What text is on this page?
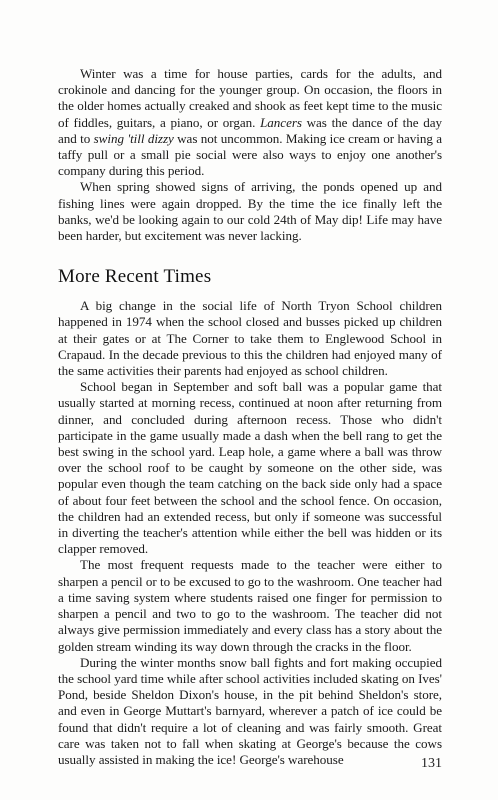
Winter was a time for house parties, cards for the adults, and crokinole and dancing for the younger group. On occasion, the floors in the older homes actually creaked and shook as feet kept time to the music of fiddles, guitars, a piano, or organ. Lancers was the dance of the day and to swing 'till dizzy was not uncommon. Making ice cream or having a taffy pull or a small pie social were also ways to enjoy one another's company during this period.

When spring showed signs of arriving, the ponds opened up and fishing lines were again dropped. By the time the ice finally left the banks, we'd be looking again to our cold 24th of May dip! Life may have been harder, but excitement was never lacking.

More Recent Times

A big change in the social life of North Tryon School children happened in 1974 when the school closed and busses picked up children at their gates or at The Corner to take them to Englewood School in Crapaud. In the decade previous to this the children had enjoyed many of the same activities their parents had enjoyed as school children.

School began in September and soft ball was a popular game that usually started at morning recess, continued at noon after returning from dinner, and concluded during afternoon recess. Those who didn't participate in the game usually made a dash when the bell rang to get the best swing in the school yard. Leap hole, a game where a ball was throw over the school roof to be caught by someone on the other side, was popular even though the team catching on the back side only had a space of about four feet between the school and the school fence. On occasion, the children had an extended recess, but only if someone was successful in diverting the teacher's attention while either the bell was hidden or its clapper removed.

The most frequent requests made to the teacher were either to sharpen a pencil or to be excused to go to the washroom. One teacher had a time saving system where students raised one finger for permission to sharpen a pencil and two to go to the washroom. The teacher did not always give permission immediately and every class has a story about the golden stream winding its way down through the cracks in the floor.

During the winter months snow ball fights and fort making occupied the school yard time while after school activities included skating on Ives' Pond, beside Sheldon Dixon's house, in the pit behind Sheldon's store, and even in George Muttart's barnyard, wherever a patch of ice could be found that didn't require a lot of cleaning and was fairly smooth. Great care was taken not to fall when skating at George's because the cows usually assisted in making the ice! George's warehouse	131
